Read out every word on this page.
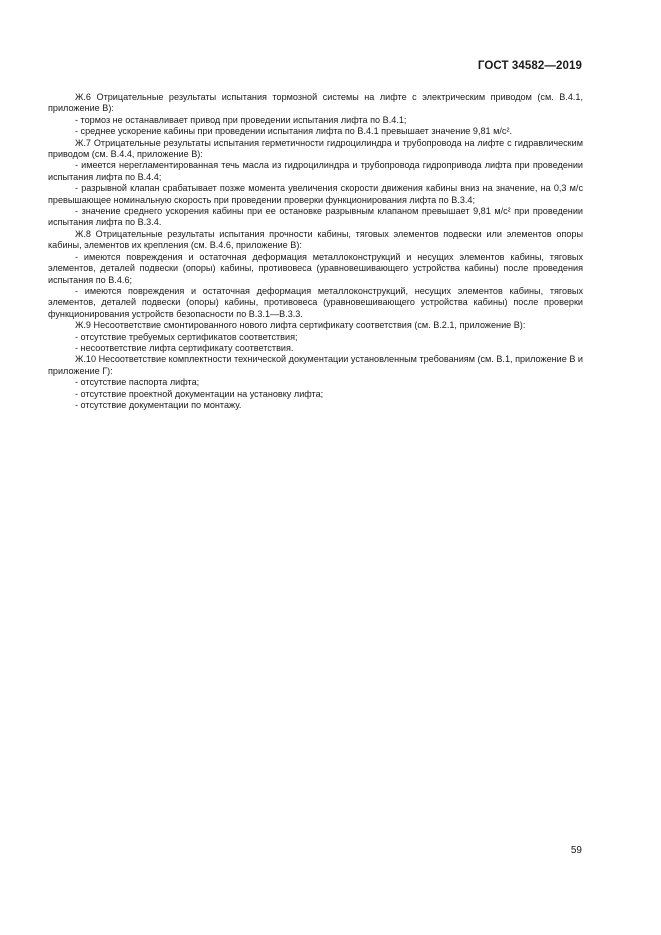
ГОСТ 34582—2019

Ж.6 Отрицательные результаты испытания тормозной системы на лифте с электрическим приводом (см. В.4.1, приложение В):

- тормоз не останавливает привод при проведении испытания лифта по В.4.1;

- среднее ускорение кабины при проведении испытания лифта по В.4.1 превышает значение 9,81 м/с².

Ж.7 Отрицательные результаты испытания герметичности гидроцилиндра и трубопровода на лифте с гидравлическим приводом (см. В.4.4, приложение В):

- имеется нерегламентированная течь масла из гидроцилиндра и трубопровода гидропривода лифта при проведении испытания лифта по В.4.4;

- разрывной клапан срабатывает позже момента увеличения скорости движения кабины вниз на значение, на 0,3 м/с превышающее номинальную скорость при проведении проверки функционирования лифта по В.3.4;

- значение среднего ускорения кабины при ее остановке разрывным клапаном превышает 9,81 м/с² при проведении испытания лифта по В.3.4.

Ж.8 Отрицательные результаты испытания прочности кабины, тяговых элементов подвески или элементов опоры кабины, элементов их крепления (см. В.4.6, приложение В):

- имеются повреждения и остаточная деформация металлоконструкций и несущих элементов кабины, тяговых элементов, деталей подвески (опоры) кабины, противовеса (уравновешивающего устройства кабины) после проведения испытания по В.4.6;

- имеются повреждения и остаточная деформация металлоконструкций, несущих элементов кабины, тяговых элементов, деталей подвески (опоры) кабины, противовеса (уравновешивающего устройства кабины) после проверки функционирования устройств безопасности по В.3.1—В.3.3.

Ж.9 Несоответствие смонтированного нового лифта сертификату соответствия (см. В.2.1, приложение В):

- отсутствие требуемых сертификатов соответствия;

- несоответствие лифта сертификату соответствия.

Ж.10 Несоответствие комплектности технической документации установленным требованиям (см. В.1, приложение В и приложение Г):

- отсутствие паспорта лифта;

- отсутствие проектной документации на установку лифта;

- отсутствие документации по монтажу.

59
